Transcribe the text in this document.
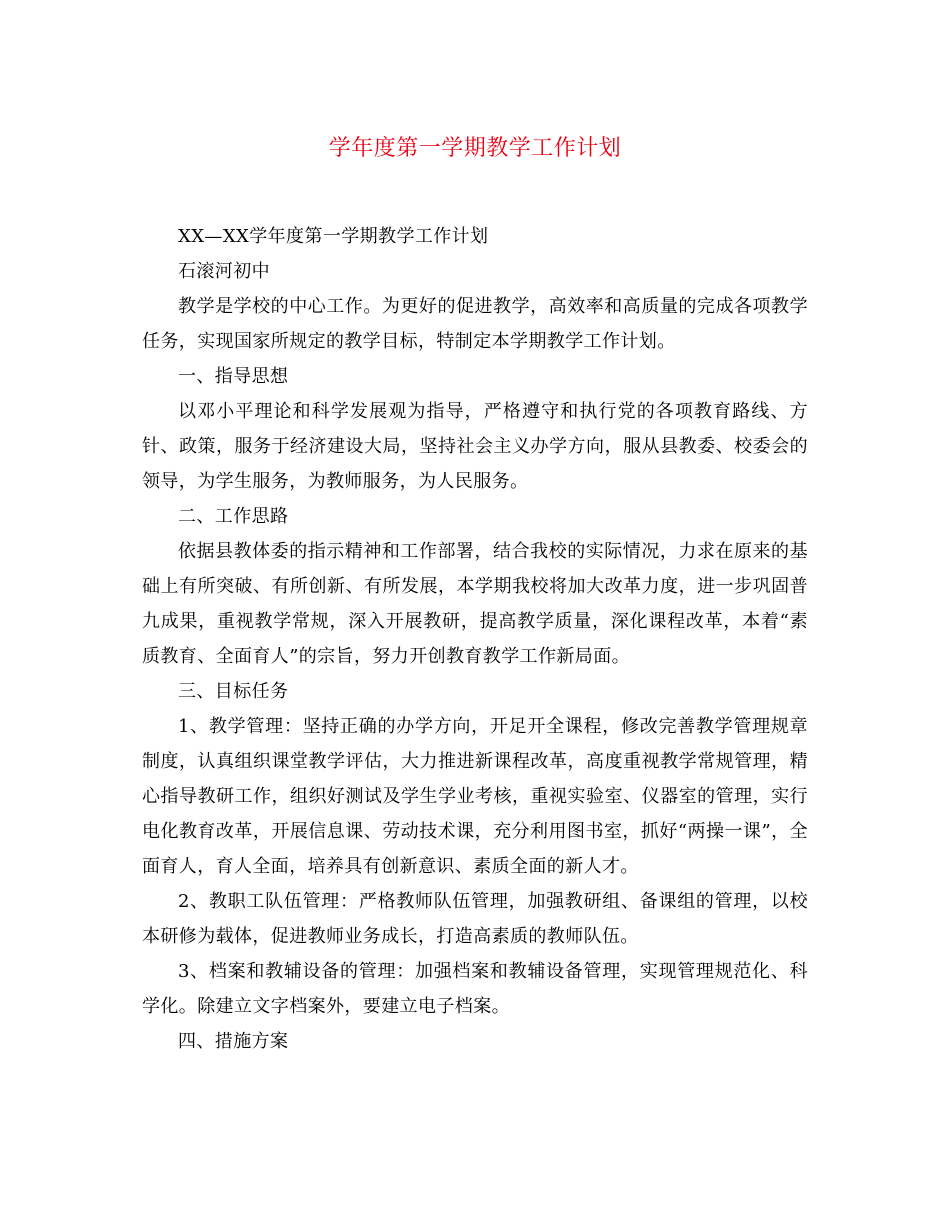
学年度第一学期教学工作计划

XX—XX学年度第一学期教学工作计划

石滚河初中

教学是学校的中心工作。为更好的促进教学，高效率和高质量的完成各项教学任务，实现国家所规定的教学目标，特制定本学期教学工作计划。

一、指导思想

以邓小平理论和科学发展观为指导，严格遵守和执行党的各项教育路线、方针、政策，服务于经济建设大局，坚持社会主义办学方向，服从县教委、校委会的领导，为学生服务，为教师服务，为人民服务。

二、工作思路

依据县教体委的指示精神和工作部署，结合我校的实际情况，力求在原来的基础上有所突破、有所创新、有所发展，本学期我校将加大改革力度，进一步巩固普九成果，重视教学常规，深入开展教研，提高教学质量，深化课程改革，本着“素质教育、全面育人”的宗旨，努力开创教育教学工作新局面。

三、目标任务

1、教学管理：坚持正确的办学方向，开足开全课程，修改完善教学管理规章制度，认真组织课堂教学评估，大力推进新课程改革，高度重视教学常规管理，精心指导教研工作，组织好测试及学生学业考核，重视实验室、仪器室的管理，实行电化教育改革，开展信息课、劳动技术课，充分利用图书室，抓好“两操一课”，全面育人，育人全面，培养具有创新意识、素质全面的新人才。

2、教职工队伍管理：严格教师队伍管理，加强教研组、备课组的管理，以校本研修为载体，促进教师业务成长，打造高素质的教师队伍。

3、档案和教辅设备的管理：加强档案和教辅设备管理，实现管理规范化、科学化。除建立文字档案外，要建立电子档案。

四、措施方案
